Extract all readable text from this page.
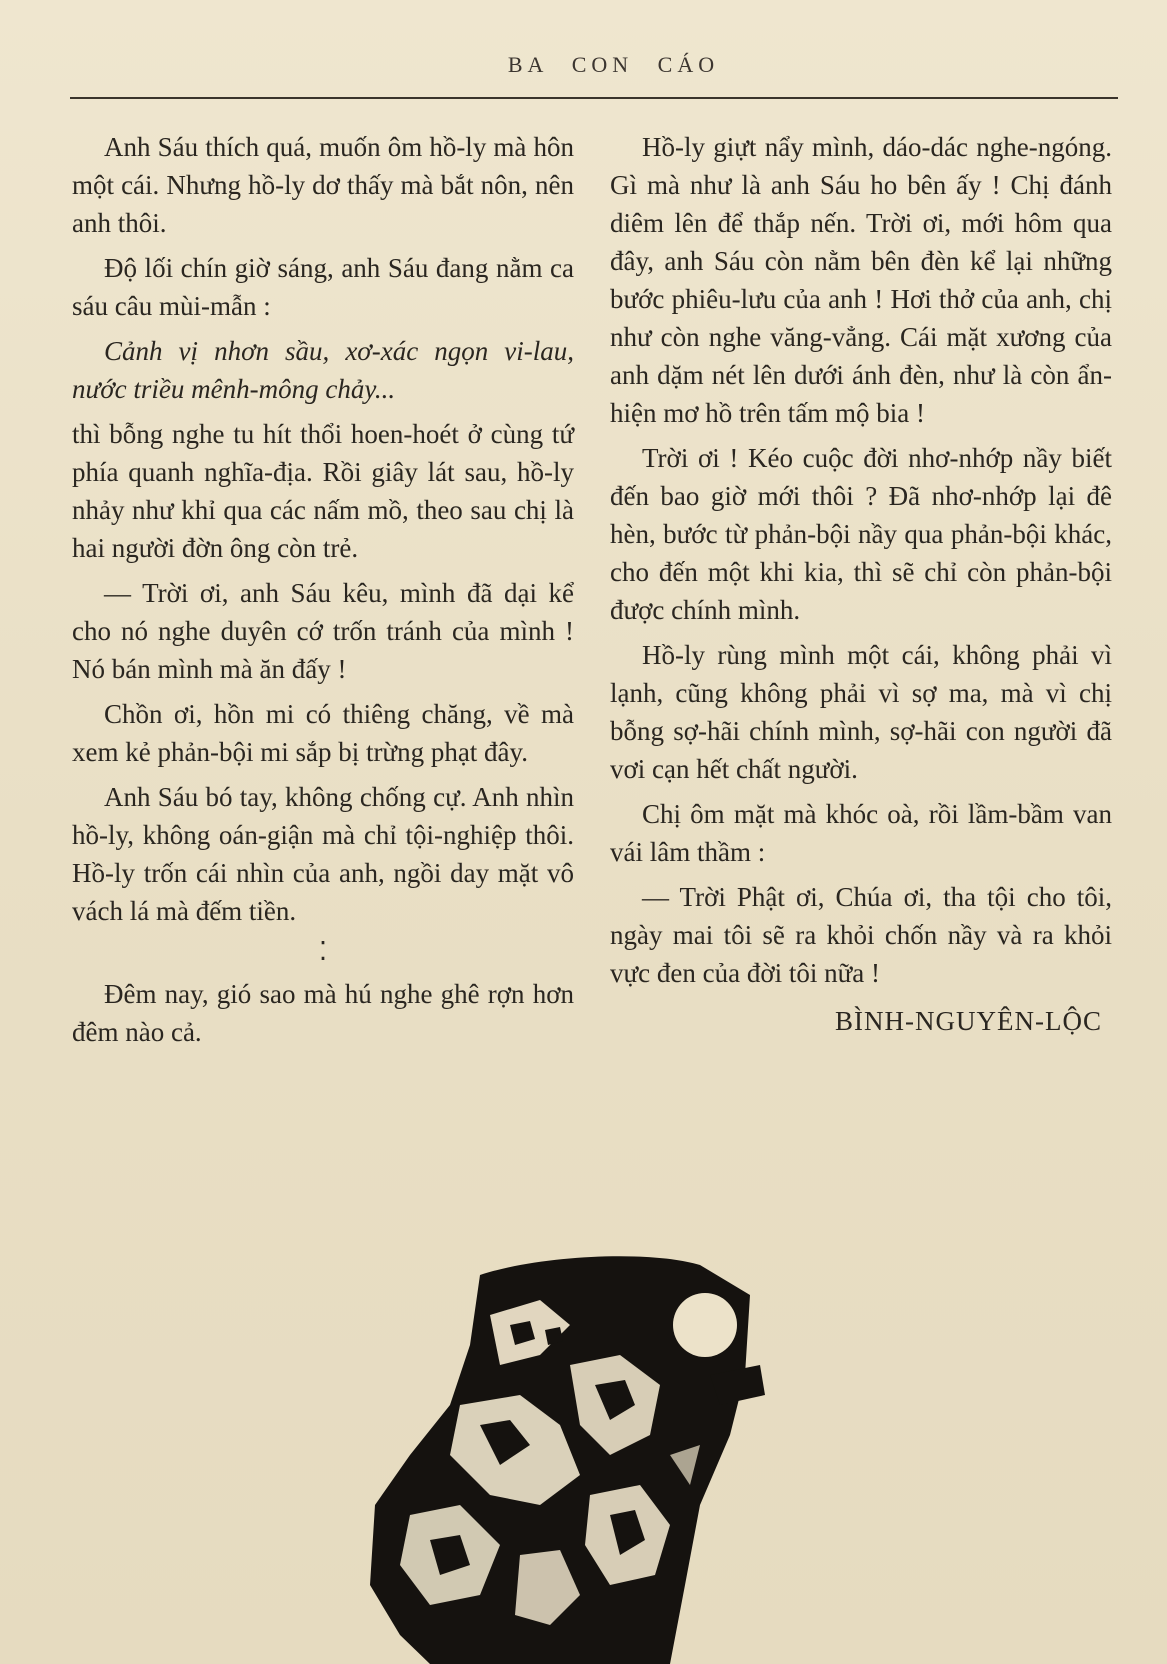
BA CON CÁO

Anh Sáu thích quá, muốn ôm hồ-ly mà hôn một cái. Nhưng hồ-ly dơ thấy mà bắt nôn, nên anh thôi.

Độ lối chín giờ sáng, anh Sáu đang nằm ca sáu câu mùi-mẫn :

Cảnh vị nhơn sầu, xơ-xác ngọn vi-lau, nước triều mênh-mông chảy...

thì bỗng nghe tu hít thổi hoen-hoét ở cùng tứ phía quanh nghĩa-địa. Rồi giây lát sau, hồ-ly nhảy như khỉ qua các nấm mồ, theo sau chị là hai người đờn ông còn trẻ.

— Trời ơi, anh Sáu kêu, mình đã dại kể cho nó nghe duyên cớ trốn tránh của mình ! Nó bán mình mà ăn đấy !

Chồn ơi, hồn mi có thiêng chăng, về mà xem kẻ phản-bội mi sắp bị trừng phạt đây.

Anh Sáu bó tay, không chống cự. Anh nhìn hồ-ly, không oán-giận mà chỉ tội-nghiệp thôi. Hồ-ly trốn cái nhìn của anh, ngồi day mặt vô vách lá mà đếm tiền.

⁚

Đêm nay, gió sao mà hú nghe ghê rợn hơn đêm nào cả.

Hồ-ly giựt nẩy mình, dáo-dác nghe-ngóng. Gì mà như là anh Sáu ho bên ấy ! Chị đánh diêm lên để thắp nến. Trời ơi, mới hôm qua đây, anh Sáu còn nằm bên đèn kể lại những bước phiêu-lưu của anh ! Hơi thở của anh, chị như còn nghe văng-vẳng. Cái mặt xương của anh dặm nét lên dưới ánh đèn, như là còn ẩn-hiện mơ hồ trên tấm mộ bia !

Trời ơi ! Kéo cuộc đời nhơ-nhớp nầy biết đến bao giờ mới thôi ? Đã nhơ-nhớp lại đê hèn, bước từ phản-bội nầy qua phản-bội khác, cho đến một khi kia, thì sẽ chỉ còn phản-bội được chính mình.

Hồ-ly rùng mình một cái, không phải vì lạnh, cũng không phải vì sợ ma, mà vì chị bỗng sợ-hãi chính mình, sợ-hãi con người đã vơi cạn hết chất người.

Chị ôm mặt mà khóc oà, rồi lầm-bầm van vái lâm thầm :

— Trời Phật ơi, Chúa ơi, tha tội cho tôi, ngày mai tôi sẽ ra khỏi chốn nầy và ra khỏi vực đen của đời tôi nữa !

BÌNH-NGUYÊN-LỘC
